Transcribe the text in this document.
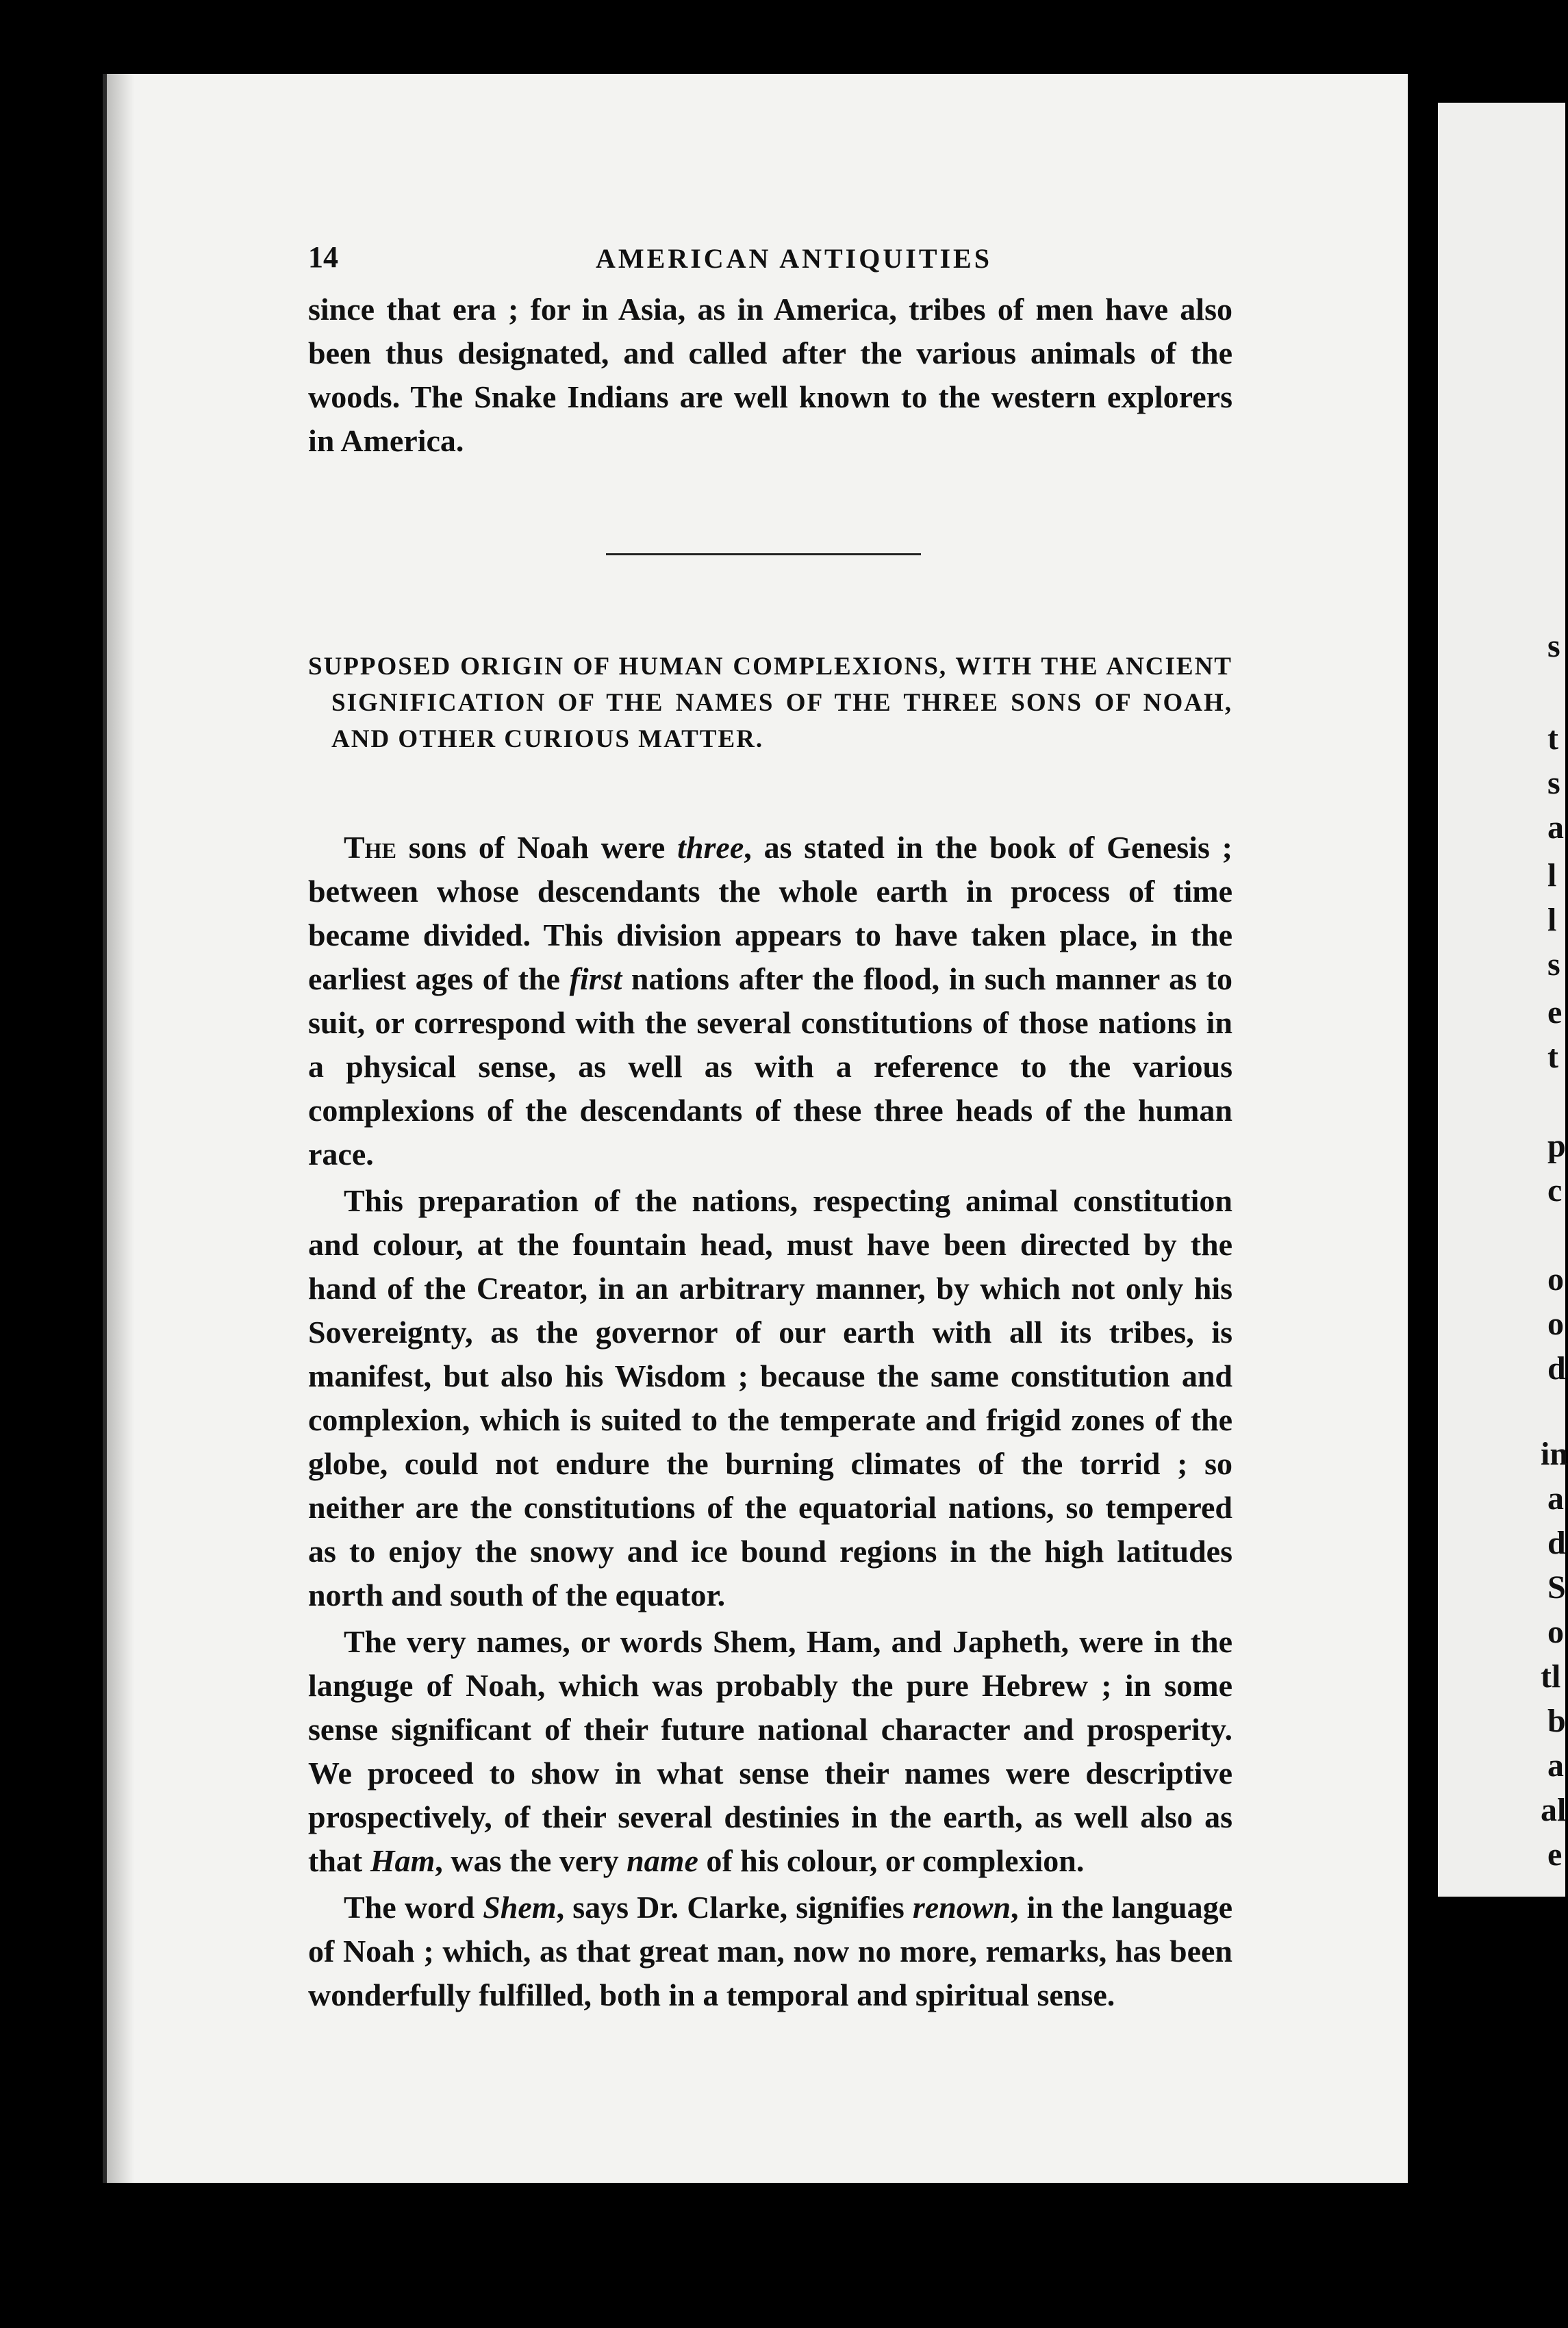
s
t
s
a
l
l
s
e
t
p
c
o
o
d
in
a
d
S
o
tl
b
a
al
e
14	AMERICAN ANTIQUITIES

since that era ; for in Asia, as in America, tribes of men have also been thus designated, and called after the various animals of the woods. The Snake Indians are well known to the western explorers in America.

SUPPOSED ORIGIN OF HUMAN COMPLEXIONS, WITH THE ANCIENT SIGNIFICATION OF THE NAMES OF THE THREE SONS OF NOAH, AND OTHER CURIOUS MATTER.

The sons of Noah were three, as stated in the book of Genesis ; between whose descendants the whole earth in process of time became divided. This division appears to have taken place, in the earliest ages of the first nations after the flood, in such manner as to suit, or correspond with the several constitutions of those nations in a physical sense, as well as with a reference to the various complexions of the descendants of these three heads of the human race.

This preparation of the nations, respecting animal constitution and colour, at the fountain head, must have been directed by the hand of the Creator, in an arbitrary manner, by which not only his Sovereignty, as the governor of our earth with all its tribes, is manifest, but also his Wisdom ; because the same constitution and complexion, which is suited to the temperate and frigid zones of the globe, could not endure the burning climates of the torrid ; so neither are the constitutions of the equatorial nations, so tempered as to enjoy the snowy and ice bound regions in the high latitudes north and south of the equator.

The very names, or words Shem, Ham, and Japheth, were in the languge of Noah, which was probably the pure Hebrew ; in some sense significant of their future national character and prosperity. We proceed to show in what sense their names were descriptive prospectively, of their several destinies in the earth, as well also as that Ham, was the very name of his colour, or complexion.

The word Shem, says Dr. Clarke, signifies renown, in the language of Noah ; which, as that great man, now no more, remarks, has been wonderfully fulfilled, both in a temporal and spiritual sense.
